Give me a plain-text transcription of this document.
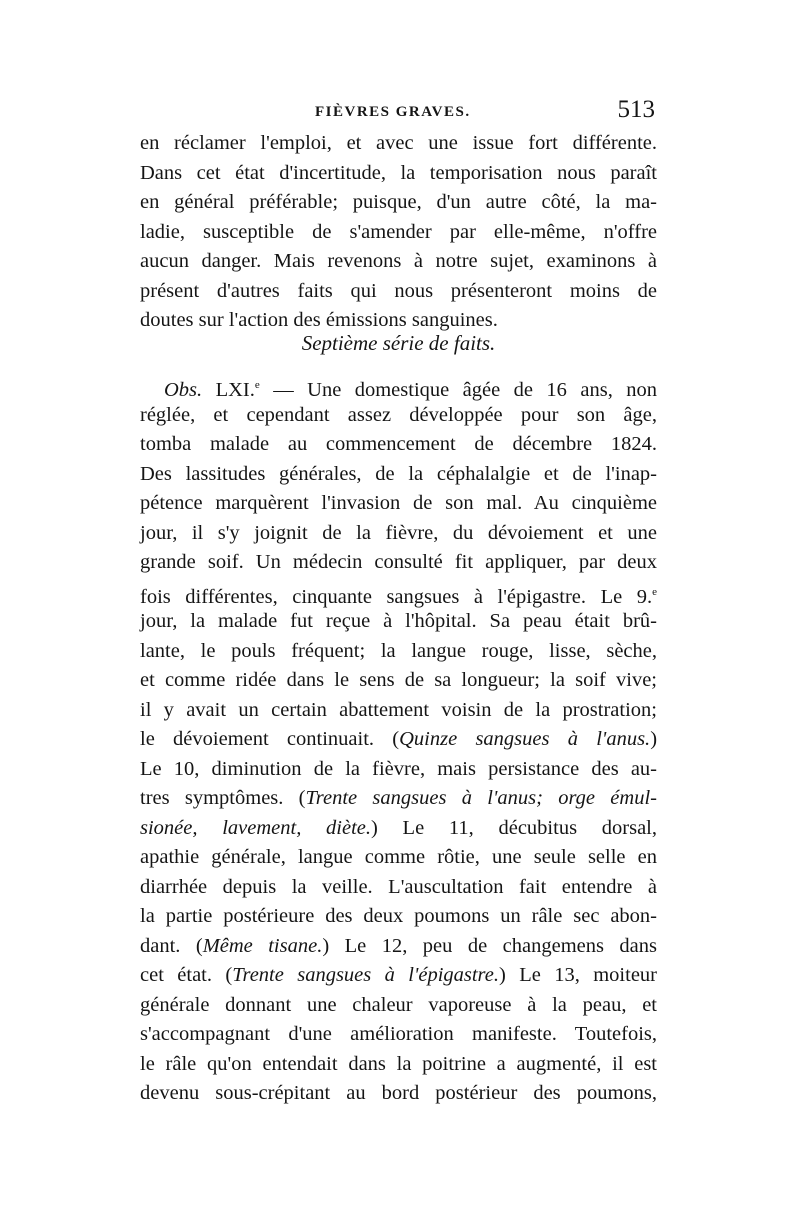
FIÈVRES GRAVES.	513
en réclamer l'emploi, et avec une issue fort différente.
Dans cet état d'incertitude, la temporisation nous paraît
en général préférable; puisque, d'un autre côté, la ma-
ladie, susceptible de s'amender par elle-même, n'offre
aucun danger. Mais revenons à notre sujet, examinons à
présent d'autres faits qui nous présenteront moins de
doutes sur l'action des émissions sanguines.
Septième série de faits.
Obs. LXI.$^e$ — Une domestique âgée de 16 ans, non
réglée, et cependant assez développée pour son âge,
tomba malade au commencement de décembre 1824.
Des lassitudes générales, de la céphalalgie et de l'inap-
pétence marquèrent l'invasion de son mal. Au cinquième
jour, il s'y joignit de la fièvre, du dévoiement et une
grande soif. Un médecin consulté fit appliquer, par deux
fois différentes, cinquante sangsues à l'épigastre. Le 9.$^e$
jour, la malade fut reçue à l'hôpital. Sa peau était brû-
lante, le pouls fréquent; la langue rouge, lisse, sèche,
et comme ridée dans le sens de sa longueur; la soif vive;
il y avait un certain abattement voisin de la prostration;
le dévoiement continuait. (Quinze sangsues à l'anus.)
Le 10, diminution de la fièvre, mais persistance des au-
tres symptômes. (Trente sangsues à l'anus; orge émul-
sionée, lavement, diète.) Le 11, décubitus dorsal,
apathie générale, langue comme rôtie, une seule selle en
diarrhée depuis la veille. L'auscultation fait entendre à
la partie postérieure des deux poumons un râle sec abon-
dant. (Même tisane.) Le 12, peu de changemens dans
cet état. (Trente sangsues à l'épigastre.) Le 13, moiteur
générale donnant une chaleur vaporeuse à la peau, et
s'accompagnant d'une amélioration manifeste. Toutefois,
le râle qu'on entendait dans la poitrine a augmenté, il est
devenu sous-crépitant au bord postérieur des poumons,
